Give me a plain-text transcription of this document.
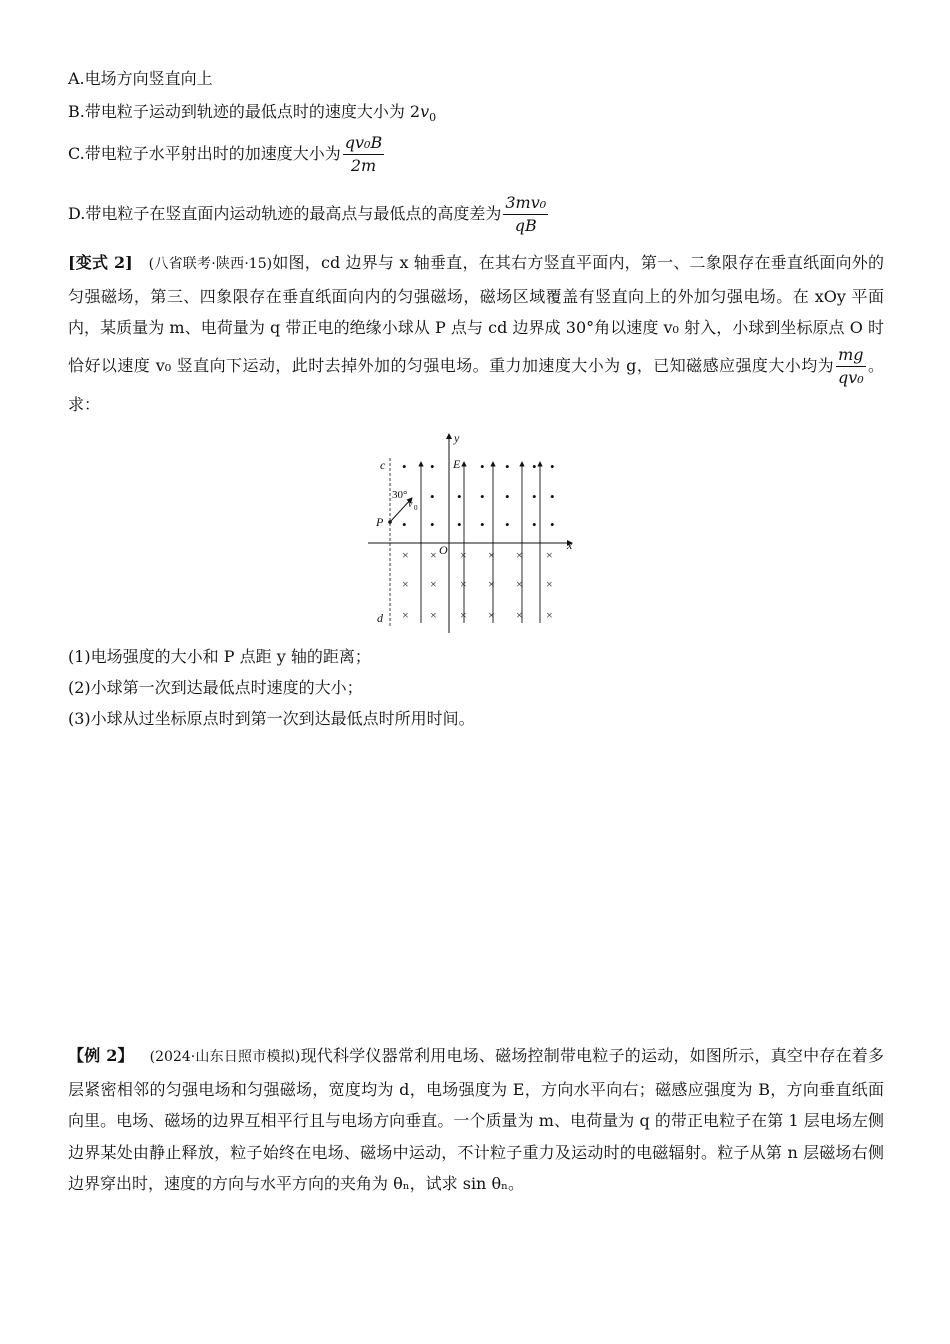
A.电场方向竖直向上
B.带电粒子运动到轨迹的最低点时的速度大小为 $2v_0$
C.带电粒子水平射出时的加速度大小为 $\frac{\text{qv₀B}}{2m}$
D.带电粒子在竖直面内运动轨迹的最高点与最低点的高度差为 $\frac{\text{3mv₀}}{qB}$
[变式 2] (八省联考·陕西·15)如图，cd 边界与 x 轴垂直，在其右方竖直平面内，第一、二象限存在垂直纸面向外的匀强磁场，第三、四象限存在垂直纸面向内的匀强磁场，磁场区域覆盖有竖直向上的外加匀强电场。在 xOy 平面内，某质量为 m、电荷量为 q 带正电的绝缘小球从 P 点与 cd 边界成 30°角以速度 v₀ 射入，小球到坐标原点 O 时恰好以速度 v₀ 竖直向下运动，此时去掉外加的匀强电场。重力加速度大小为 g，已知磁感应强度大小均为 $\frac{mg}{\text{qv₀}}$ 。求：
• •	• • • •
• • • • • •
• • • • • • •
× × × × × ×
× × × × × ×
× × × × × ×
y
x
c
d
E
O
P
30°
v 0
(1)电场强度的大小和 P 点距 y 轴的距离；
(2)小球第一次到达最低点时速度的大小；
(3)小球从过坐标原点时到第一次到达最低点时所用时间。
【例 2】 (2024·山东日照市模拟)现代科学仪器常利用电场、磁场控制带电粒子的运动，如图所示，真空中存在着多层紧密相邻的匀强电场和匀强磁场，宽度均为 d，电场强度为 E，方向水平向右；磁感应强度为 B，方向垂直纸面向里。电场、磁场的边界互相平行且与电场方向垂直。一个质量为 m、电荷量为 q 的带正电粒子在第 1 层电场左侧边界某处由静止释放，粒子始终在电场、磁场中运动，不计粒子重力及运动时的电磁辐射。粒子从第 n 层磁场右侧边界穿出时，速度的方向与水平方向的夹角为 θₙ，试求 sin θₙ。
